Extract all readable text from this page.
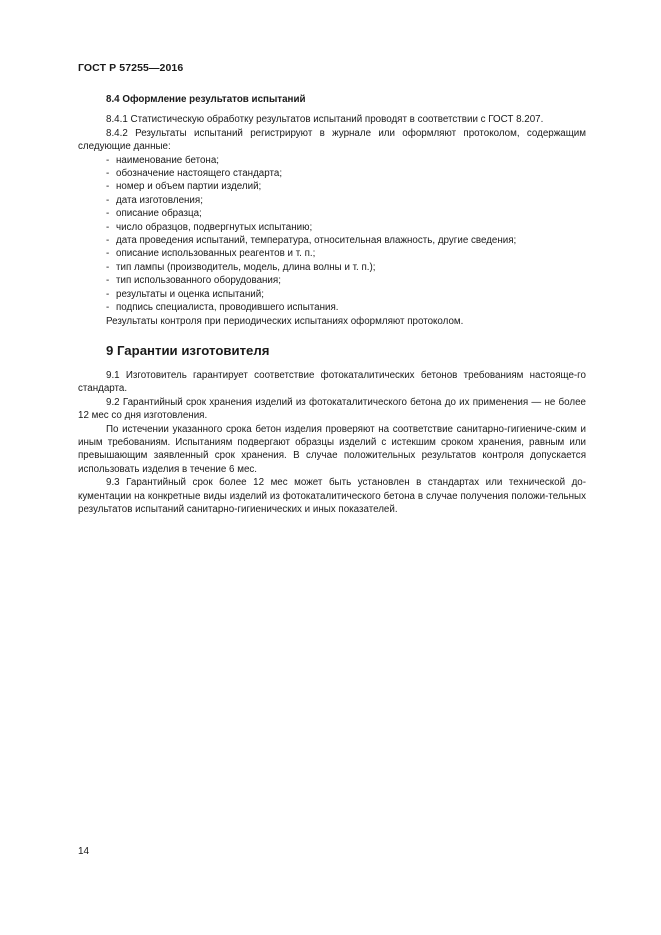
ГОСТ Р 57255—2016
8.4 Оформление результатов испытаний

8.4.1 Статистическую обработку результатов испытаний проводят в соответствии с ГОСТ 8.207.

8.4.2 Результаты испытаний регистрируют в журнале или оформляют протоколом, содержащим следующие данные:

- наименование бетона;
- обозначение настоящего стандарта;
- номер и объем партии изделий;
- дата изготовления;
- описание образца;
- число образцов, подвергнутых испытанию;
- дата проведения испытаний, температура, относительная влажность, другие сведения;
- описание использованных реагентов и т. п.;
- тип лампы (производитель, модель, длина волны и т. п.);
- тип использованного оборудования;
- результаты и оценка испытаний;
- подпись специалиста, проводившего испытания.

Результаты контроля при периодических испытаниях оформляют протоколом.

9 Гарантии изготовителя

9.1 Изготовитель гарантирует соответствие фотокаталитических бетонов требованиям настояще-го стандарта.

9.2 Гарантийный срок хранения изделий из фотокаталитического бетона до их применения — не более 12 мес со дня изготовления.

По истечении указанного срока бетон изделия проверяют на соответствие санитарно-гигиениче-ским и иным требованиям. Испытаниям подвергают образцы изделий с истекшим сроком хранения, равным или превышающим заявленный срок хранения. В случае положительных результатов контроля допускается использовать изделия в течение 6 мес.

9.3 Гарантийный срок более 12 мес может быть установлен в стандартах или технической до-кументации на конкретные виды изделий из фотокаталитического бетона в случае получения положи-тельных результатов испытаний санитарно-гигиенических и иных показателей.

14
